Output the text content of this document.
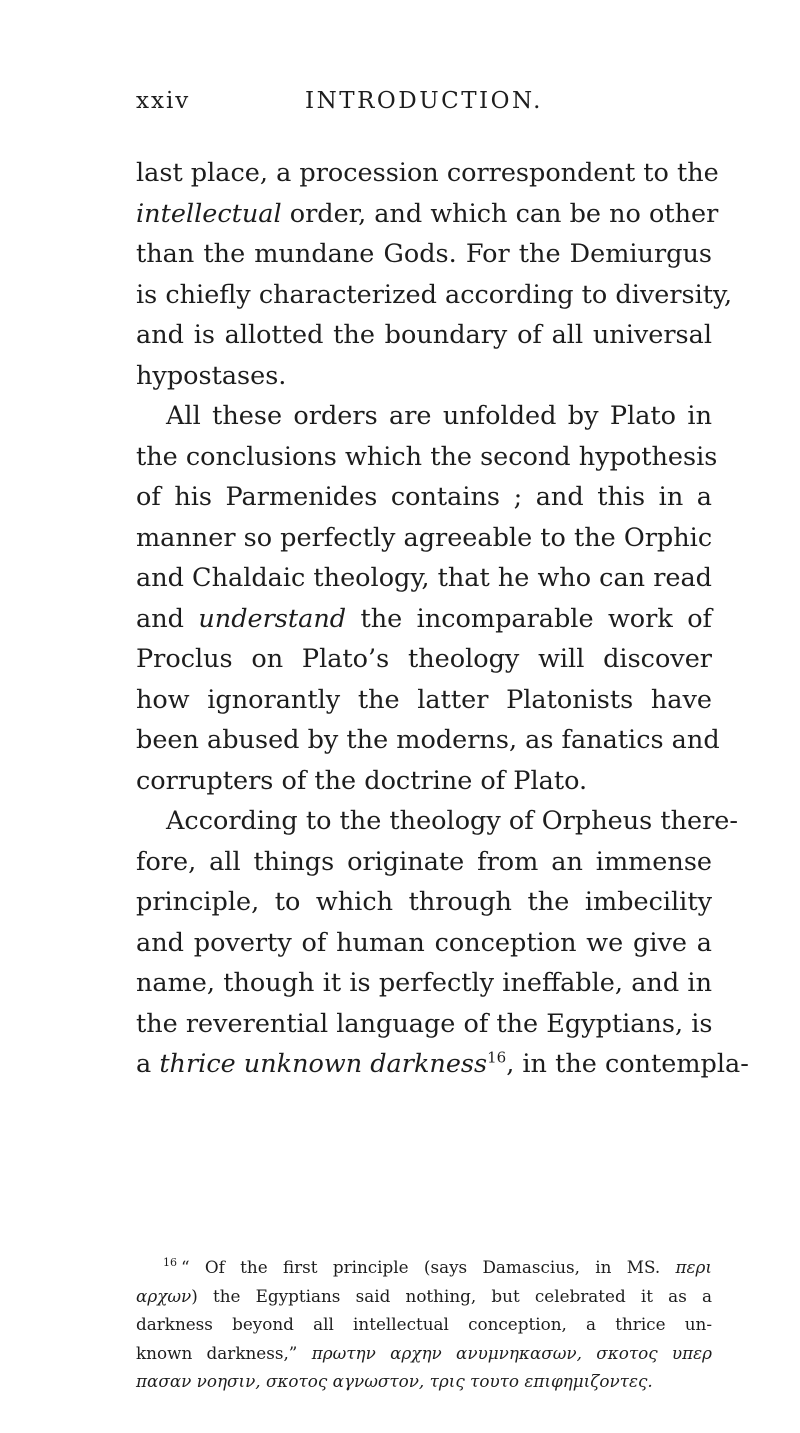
xxiv	INTRODUCTION.
last place, a procession correspondent to the
intellectual order, and which can be no other
than the mundane Gods. For the Demiurgus
is chiefly characterized according to diversity,
and is allotted the boundary of all universal
hypostases.
All these orders are unfolded by Plato in
the conclusions which the second hypothesis
of his Parmenides contains ; and this in a
manner so perfectly agreeable to the Orphic
and Chaldaic theology, that he who can read
and understand the incomparable work of
Proclus on Plato’s theology will discover
how ignorantly the latter Platonists have
been abused by the moderns, as fanatics and
corrupters of the doctrine of Plato.
According to the theology of Orpheus there-
fore, all things originate from an immense
principle, to which through the imbecility
and poverty of human conception we give a
name, though it is perfectly ineffable, and in
the reverential language of the Egyptians, is
a thrice unknown darkness$^{16}$, in the contempla-
$^{16}$ “ Of the first principle (says Damascius, in MS. περι
αρχων) the Egyptians said nothing, but celebrated it as a
darkness beyond all intellectual conception, a thrice un-
known darkness,” πρωτην αρχην ανυμνηκασων, σκοτος υπερ
πασαν νοησιν, σκοτος αγνωστον, τρις τουτο επιφημιζοντες.
